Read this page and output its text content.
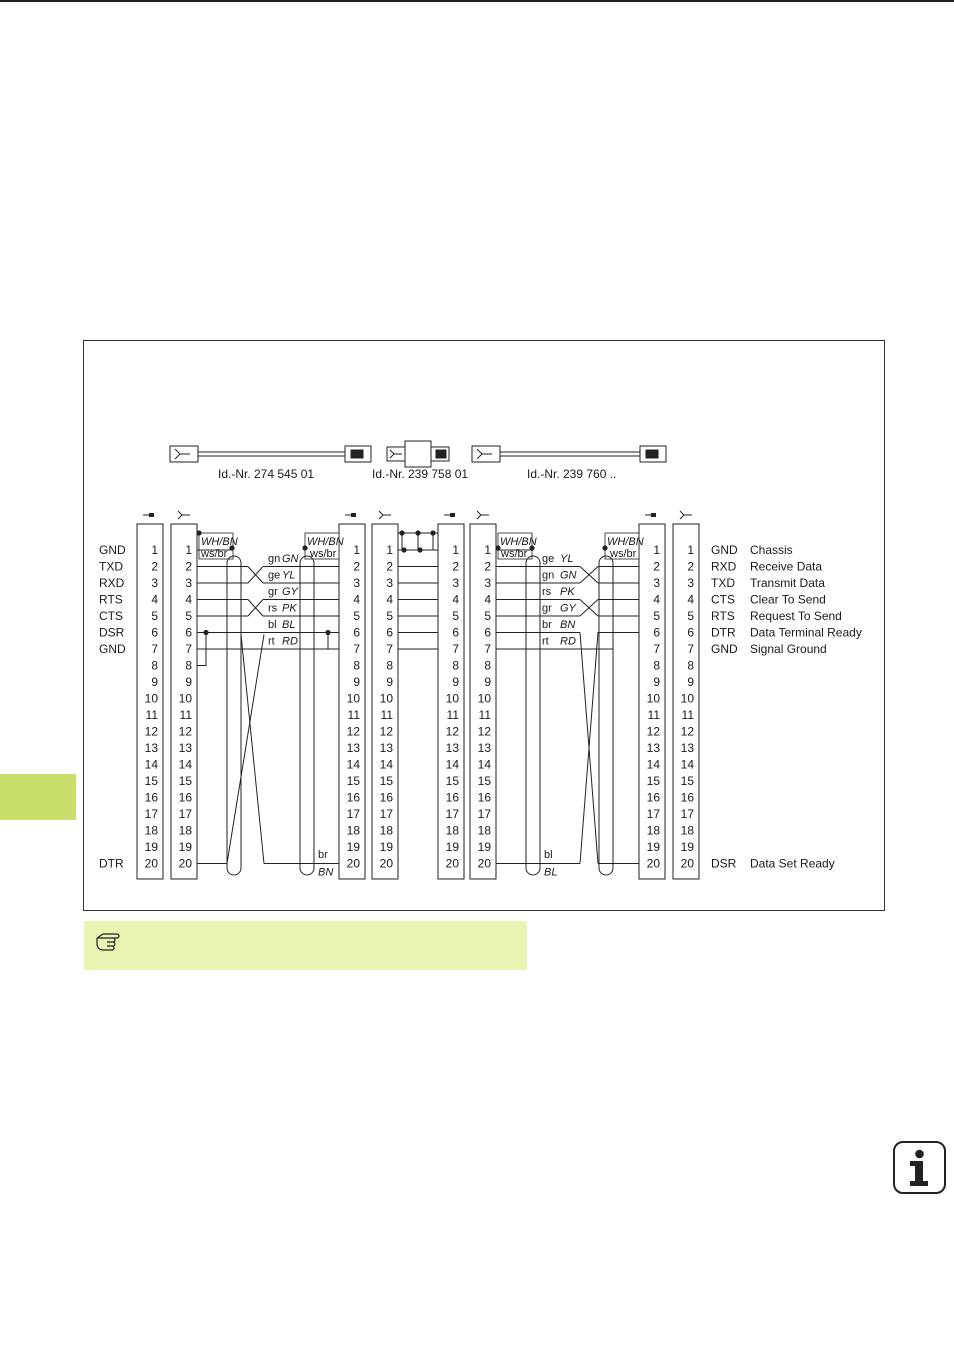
Id.-Nr. 274 545 01	Id.-Nr. 239 758 01	Id.-Nr. 239 760 ..
1
2
3
4
5
6
7
8
9
10
11
12
13
14
15
16
17
18
19
20
1
2
3
4
5
6
7
8
9
10
11
12
13
14
15
16
17
18
19
20
1
2
3
4
5
6
7
8
9
10
11
12
13
14
15
16
17
18
19
20
1
2
3
4
5
6
7
8
9
10
11
12
13
14
15
16
17
18
19
20
1
2
3
4
5
6
7
8
9
10
11
12
13
14
15
16
17
18
19
20
1
2
3
4
5
6
7
8
9
10
11
12
13
14
15
16
17
18
19
20
1
2
3
4
5
6
7
8
9
10
11
12
13
14
15
16
17
18
19
20
1
2
3
4
5
6
7
8
9
10
11
12
13
14
15
16
17
18
19
20
GND
TXD
RXD
RTS
CTS
DSR
GND
DTR
GND Chassis
RXD Receive Data
TXD Transmit Data
CTS Clear To Send
RTS Request To Send
DTR Data Terminal Ready
GND Signal Ground
DSR Data Set Ready
WH/BN
ws/br
WH/BN
ws/br
gn GN
ge YL
gr GY
rs PK
bl BL
rt RD
br
BN
WH/BN
ws/br
WH/BN
ws/br
ge YL
gn GN
rs PK
gr GY
br BN
rt RD
bl
BL
